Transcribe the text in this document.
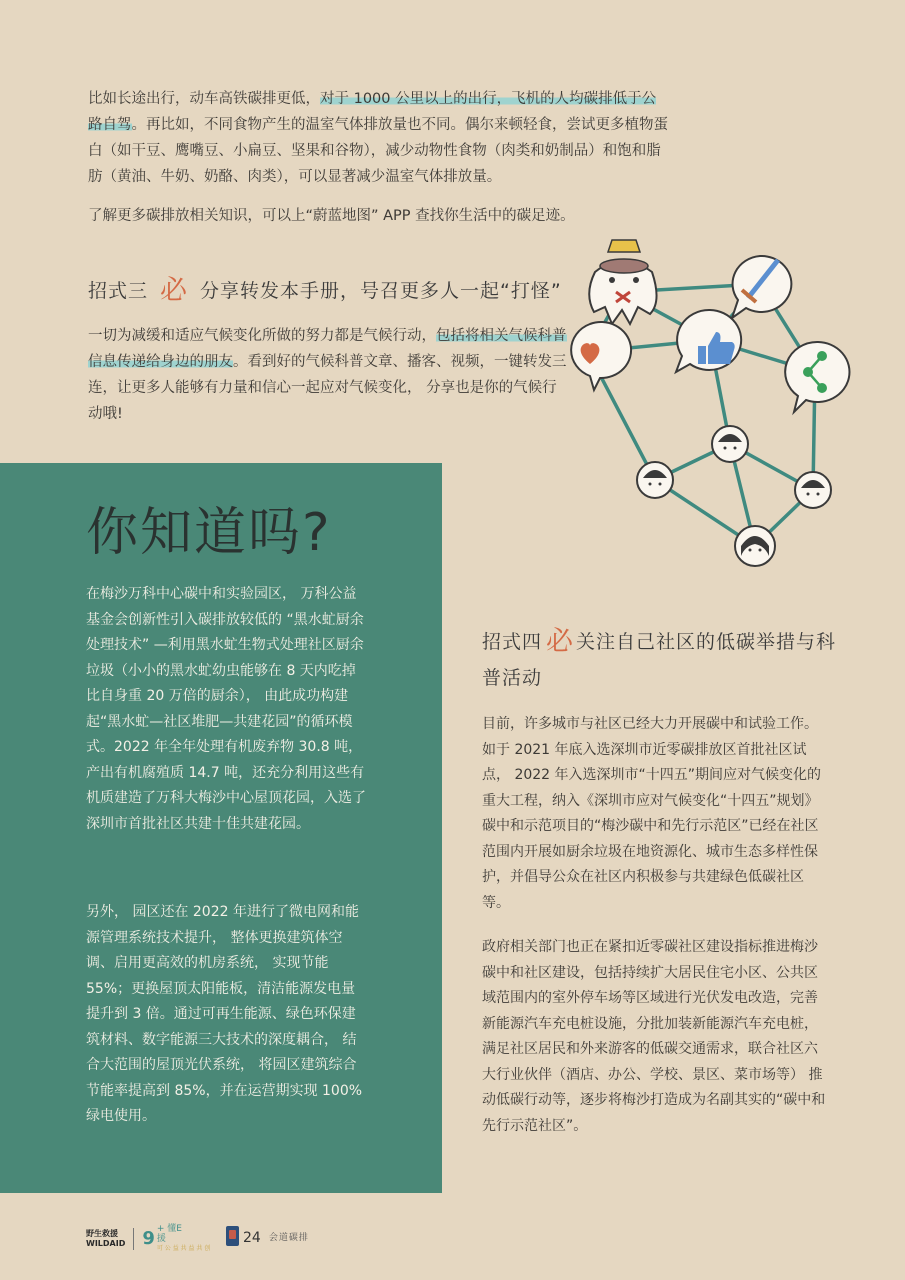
比如长途出行，动车高铁碳排更低，对于 1000 公里以上的出行，飞机的人均碳排低于公路自驾。再比如，不同食物产生的温室气体排放量也不同。偶尔来顿轻食，尝试更多植物蛋白（如干豆、鹰嘴豆、小扁豆、坚果和谷物），减少动物性食物（肉类和奶制品）和饱和脂肪（黄油、牛奶、奶酪、肉类），可以显著减少温室气体排放量。

了解更多碳排放相关知识，可以上“蔚蓝地图” APP 查找你生活中的碳足迹。

招式三 必 分享转发本手册，号召更多人一起“打怪”

一切为减缓和适应气候变化所做的努力都是气候行动，包括将相关气候科普信息传递给身边的朋友。看到好的气候科普文章、播客、视频，一键转发三连，让更多人能够有力量和信心一起应对气候变化， 分享也是你的气候行动哦!

你知道吗?

在梅沙万科中心碳中和实验园区， 万科公益基金会创新性引入碳排放较低的 “黑水虻厨余处理技术” —利用黑水虻生物式处理社区厨余垃圾（小小的黑水虻幼虫能够在 8 天内吃掉比自身重 20 万倍的厨余）， 由此成功构建起“黑水虻—社区堆肥—共建花园”的循环模式。2022 年全年处理有机废弃物 30.8 吨，产出有机腐殖质 14.7 吨，还充分利用这些有机质建造了万科大梅沙中心屋顶花园，入选了深圳市首批社区共建十佳共建花园。

另外， 园区还在 2022 年进行了微电网和能源管理系统技术提升， 整体更换建筑体空调、启用更高效的机房系统， 实现节能 55%；更换屋顶太阳能板，清洁能源发电量提升到 3 倍。通过可再生能源、绿色环保建筑材料、数字能源三大技术的深度耦合， 结合大范围的屋顶光伏系统， 将园区建筑综合节能率提高到 85%，并在运营期实现 100% 绿电使用。

招式四 必 关注自己社区的低碳举措与科普活动

目前，许多城市与社区已经大力开展碳中和试验工作。如于 2021 年底入选深圳市近零碳排放区首批社区试点， 2022 年入选深圳市“十四五”期间应对气候变化的重大工程，纳入《深圳市应对气候变化“十四五”规划》碳中和示范项目的“梅沙碳中和先行示范区”已经在社区范围内开展如厨余垃圾在地资源化、城市生态多样性保护，并倡导公众在社区内积极参与共建绿色低碳社区等。

政府相关部门也正在紧扣近零碳社区建设指标推进梅沙碳中和社区建设，包括持续扩大居民住宅小区、公共区域范围内的室外停车场等区域进行光伏发电改造，完善新能源汽车充电桩设施，分批加装新能源汽车充电桩，满足社区居民和外来游客的低碳交通需求，联合社区六大行业伙伴（酒店、办公、学校、景区、菜市场等） 推动低碳行动等，逐步将梅沙打造成为名副其实的“碳中和先行示范社区”。

野生救援
WILDAID 9 + 懂E
援
可 公 益 共 益 共 创
24 会道碳排
